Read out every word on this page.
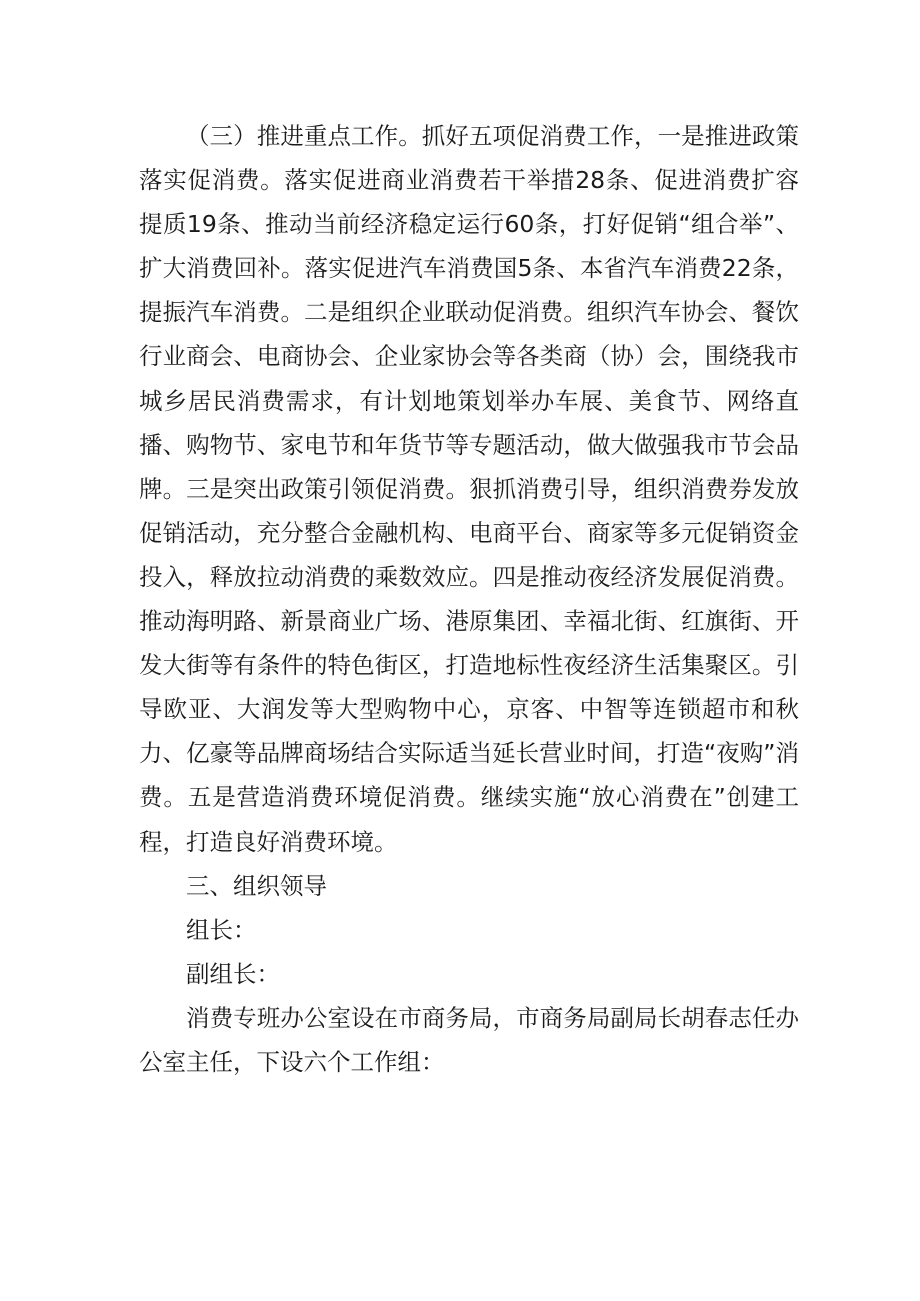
（三）推进重点工作。抓好五项促消费工作，一是推进政策落实促消费。落实促进商业消费若干举措28条、促进消费扩容提质19条、推动当前经济稳定运行60条，打好促销“组合举”、扩大消费回补。落实促进汽车消费国5条、本省汽车消费22条，提振汽车消费。二是组织企业联动促消费。组织汽车协会、餐饮行业商会、电商协会、企业家协会等各类商（协）会，围绕我市城乡居民消费需求，有计划地策划举办车展、美食节、网络直播、购物节、家电节和年货节等专题活动，做大做强我市节会品牌。三是突出政策引领促消费。狠抓消费引导，组织消费券发放促销活动，充分整合金融机构、电商平台、商家等多元促销资金投入，释放拉动消费的乘数效应。四是推动夜经济发展促消费。推动海明路、新景商业广场、港原集团、幸福北街、红旗街、开发大街等有条件的特色街区，打造地标性夜经济生活集聚区。引导欧亚、大润发等大型购物中心，京客、中智等连锁超市和秋力、亿豪等品牌商场结合实际适当延长营业时间，打造“夜购”消费。五是营造消费环境促消费。继续实施“放心消费在”创建工程，打造良好消费环境。

三、组织领导

组长：

副组长：

消费专班办公室设在市商务局，市商务局副局长胡春志任办公室主任，下设六个工作组：
